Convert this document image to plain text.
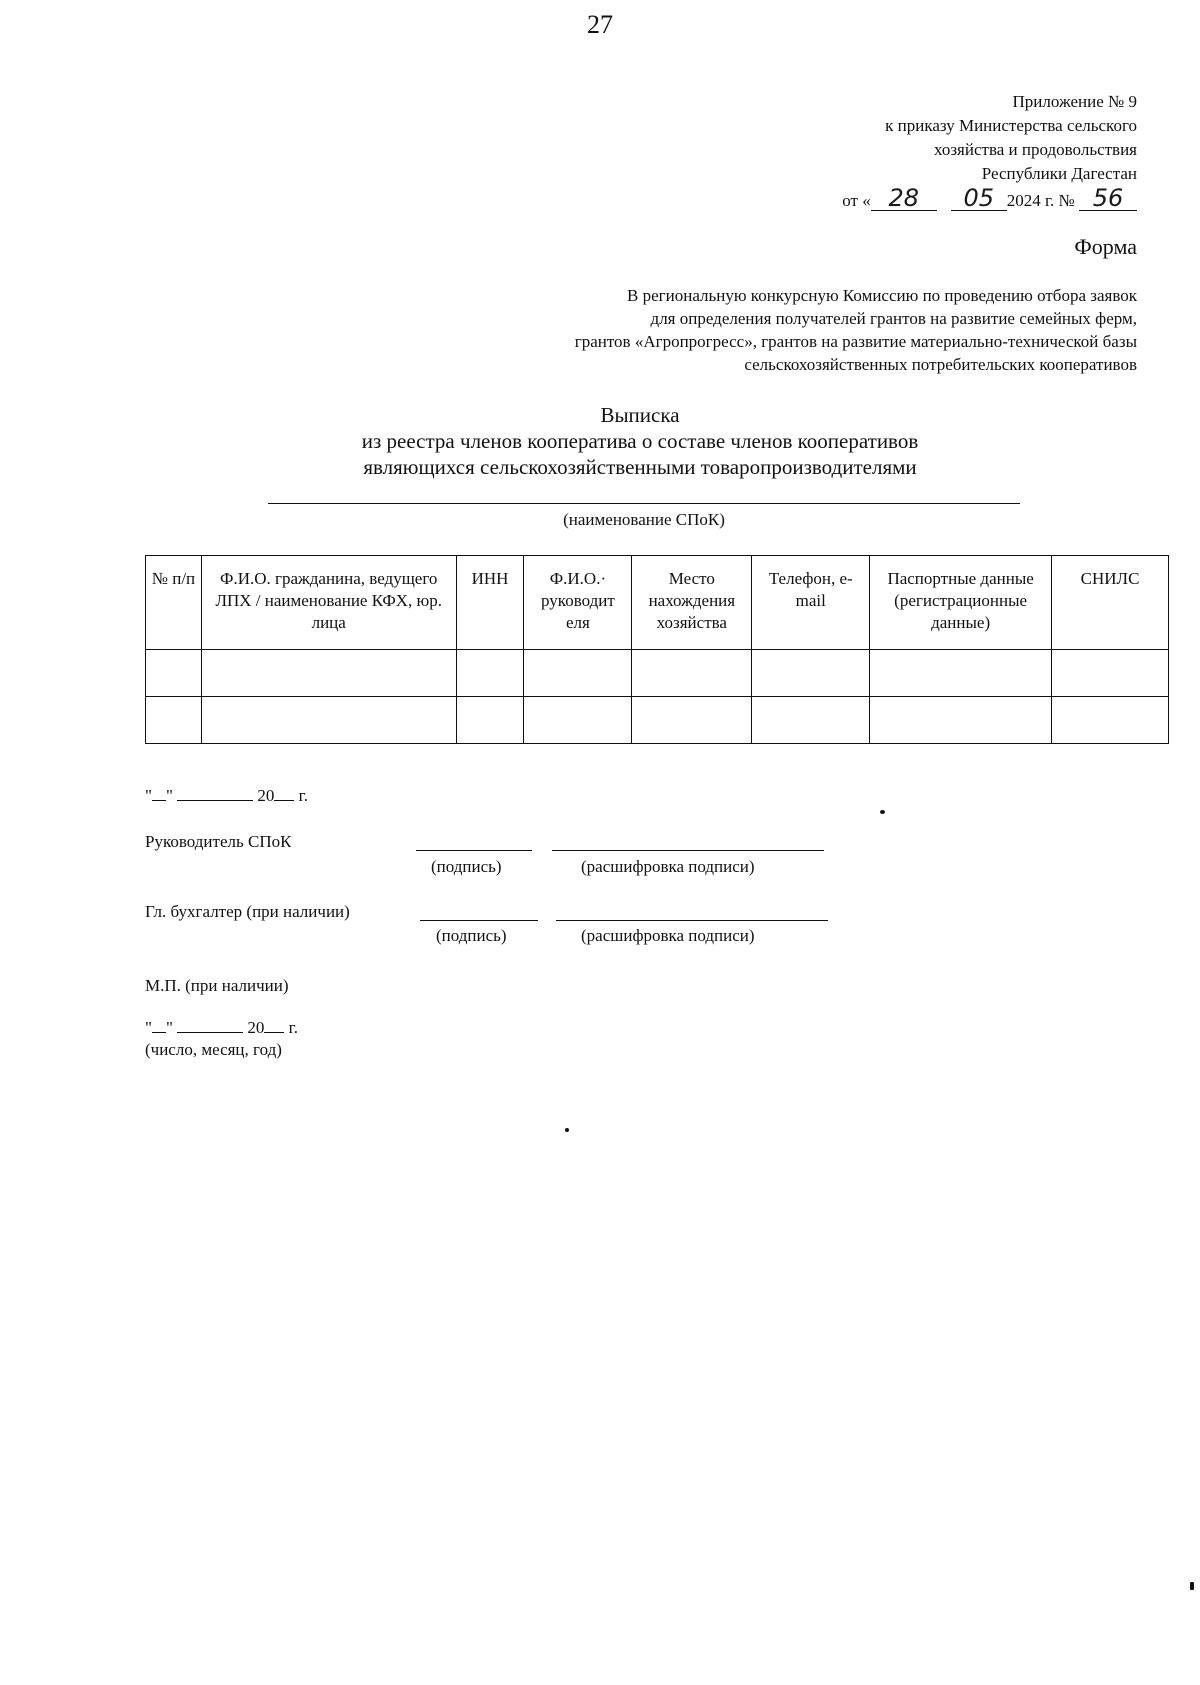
27
Приложение № 9
к приказу Министерства сельского
хозяйства и продовольствия
Республики Дагестан
от « 28 05 2024 г. № 56
Форма
В региональную конкурсную Комиссию по проведению отбора заявок
для определения получателей грантов на развитие семейных ферм,
грантов «Агропрогресс», грантов на развитие материально-технической базы
сельскохозяйственных потребительских кооперативов
Выписка
из реестра членов кооператива о составе членов кооперативов
являющихся сельскохозяйственными товаропроизводителями
(наименование СПоК)
№ п/п	Ф.И.О. гражданина, ведущего ЛПХ / наименование КФХ, юр. лица	ИНН	Ф.И.О.· руководит еля	Место нахождения хозяйства	Телефон, e-mail	Паспортные данные (регистрационные данные)	СНИЛС

" "	20 г.
Руководитель СПоК
(подпись)	(расшифровка подписи)
Гл. бухгалтер (при наличии)
(подпись)	(расшифровка подписи)
М.П. (при наличии)
" "	20 г.
(число, месяц, год)
